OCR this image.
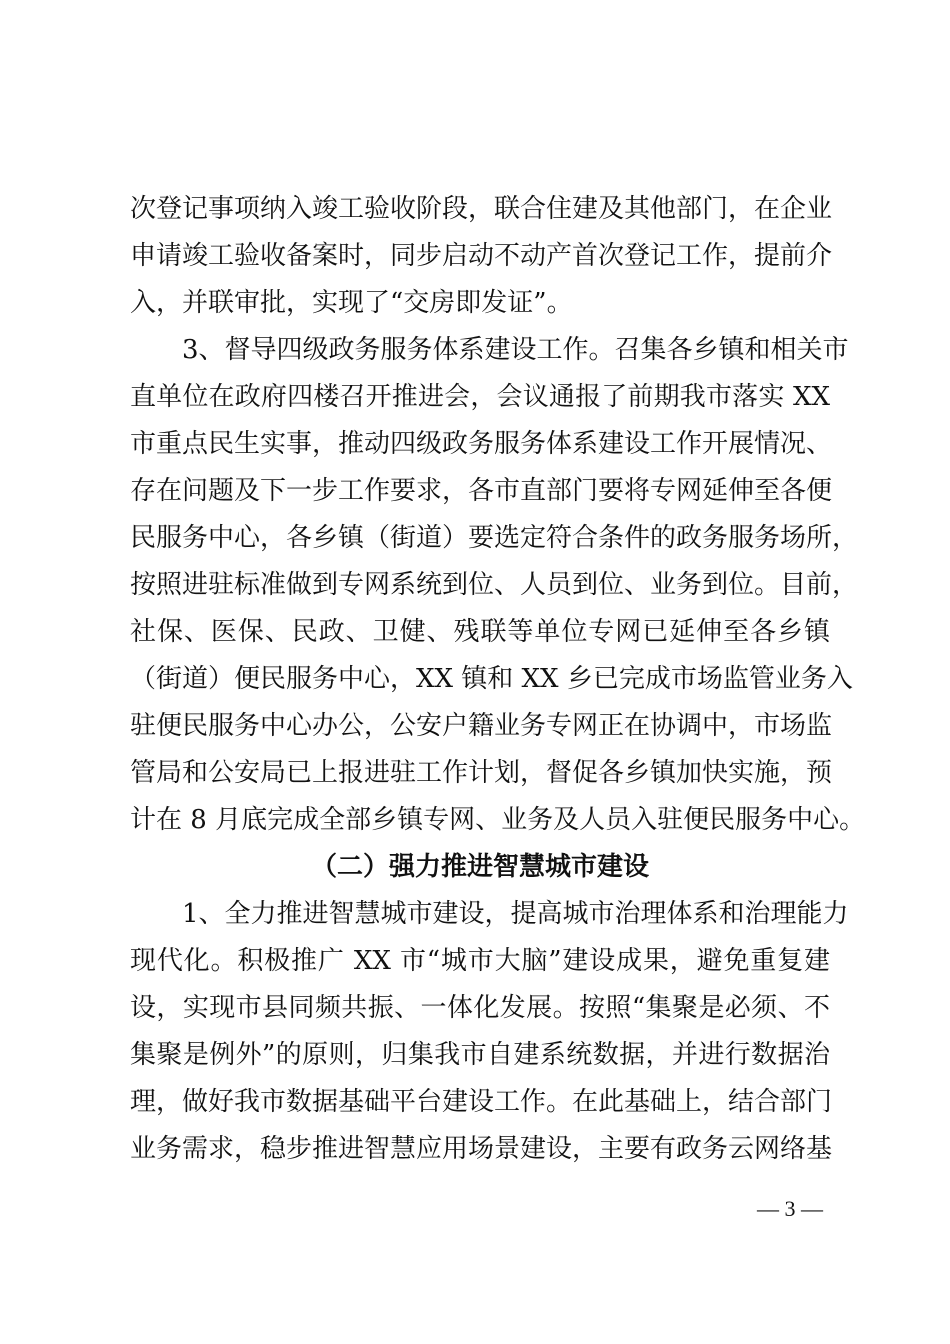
次登记事项纳入竣工验收阶段，联合住建及其他部门，在企业
申请竣工验收备案时，同步启动不动产首次登记工作，提前介
入，并联审批，实现了“交房即发证”。

3、督导四级政务服务体系建设工作。召集各乡镇和相关市
直单位在政府四楼召开推进会，会议通报了前期我市落实 XX
市重点民生实事，推动四级政务服务体系建设工作开展情况、
存在问题及下一步工作要求，各市直部门要将专网延伸至各便
民服务中心，各乡镇（街道）要选定符合条件的政务服务场所，
按照进驻标准做到专网系统到位、人员到位、业务到位。目前，
社保、医保、民政、卫健、残联等单位专网已延伸至各乡镇
（街道）便民服务中心，XX 镇和 XX 乡已完成市场监管业务入
驻便民服务中心办公，公安户籍业务专网正在协调中，市场监
管局和公安局已上报进驻工作计划，督促各乡镇加快实施，预
计在 8 月底完成全部乡镇专网、业务及人员入驻便民服务中心。

（二）强力推进智慧城市建设

1、全力推进智慧城市建设，提高城市治理体系和治理能力
现代化。积极推广 XX 市“城市大脑”建设成果，避免重复建
设，实现市县同频共振、一体化发展。按照“集聚是必须、不
集聚是例外”的原则，归集我市自建系统数据，并进行数据治
理，做好我市数据基础平台建设工作。在此基础上，结合部门
业务需求，稳步推进智慧应用场景建设，主要有政务云网络基

— 3 —
